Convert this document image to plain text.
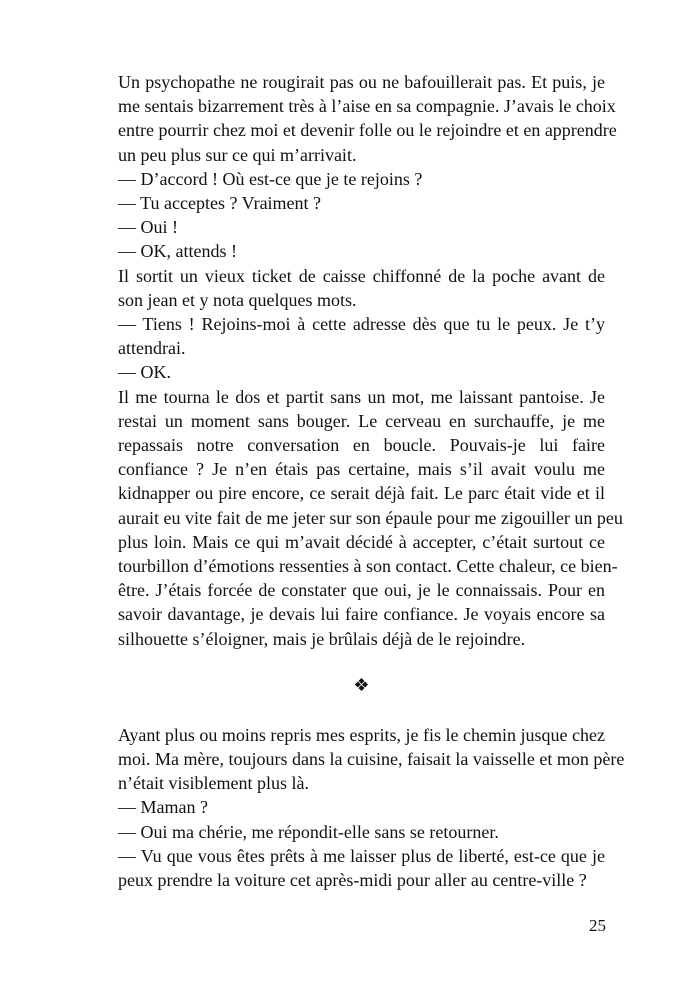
Un psychopathe ne rougirait pas ou ne bafouillerait pas. Et puis, je
me sentais bizarrement très à l’aise en sa compagnie. J’avais le choix
entre pourrir chez moi et devenir folle ou le rejoindre et en apprendre
un peu plus sur ce qui m’arrivait.
— D’accord ! Où est-ce que je te rejoins ?
— Tu acceptes ? Vraiment ?
— Oui !
— OK, attends !
Il sortit un vieux ticket de caisse chiffonné de la poche avant de
son jean et y nota quelques mots.
— Tiens ! Rejoins-moi à cette adresse dès que tu le peux. Je t’y
attendrai.
— OK.
Il me tourna le dos et partit sans un mot, me laissant pantoise. Je
restai un moment sans bouger. Le cerveau en surchauffe, je me
repassais notre conversation en boucle. Pouvais-je lui faire
confiance ? Je n’en étais pas certaine, mais s’il avait voulu me
kidnapper ou pire encore, ce serait déjà fait. Le parc était vide et il
aurait eu vite fait de me jeter sur son épaule pour me zigouiller un peu
plus loin. Mais ce qui m’avait décidé à accepter, c’était surtout ce
tourbillon d’émotions ressenties à son contact. Cette chaleur, ce bien-
être. J’étais forcée de constater que oui, je le connaissais. Pour en
savoir davantage, je devais lui faire confiance. Je voyais encore sa
silhouette s’éloigner, mais je brûlais déjà de le rejoindre.
❖
Ayant plus ou moins repris mes esprits, je fis le chemin jusque chez
moi. Ma mère, toujours dans la cuisine, faisait la vaisselle et mon père
n’était visiblement plus là.
— Maman ?
— Oui ma chérie, me répondit-elle sans se retourner.
— Vu que vous êtes prêts à me laisser plus de liberté, est-ce que je
peux prendre la voiture cet après-midi pour aller au centre-ville ?
25
